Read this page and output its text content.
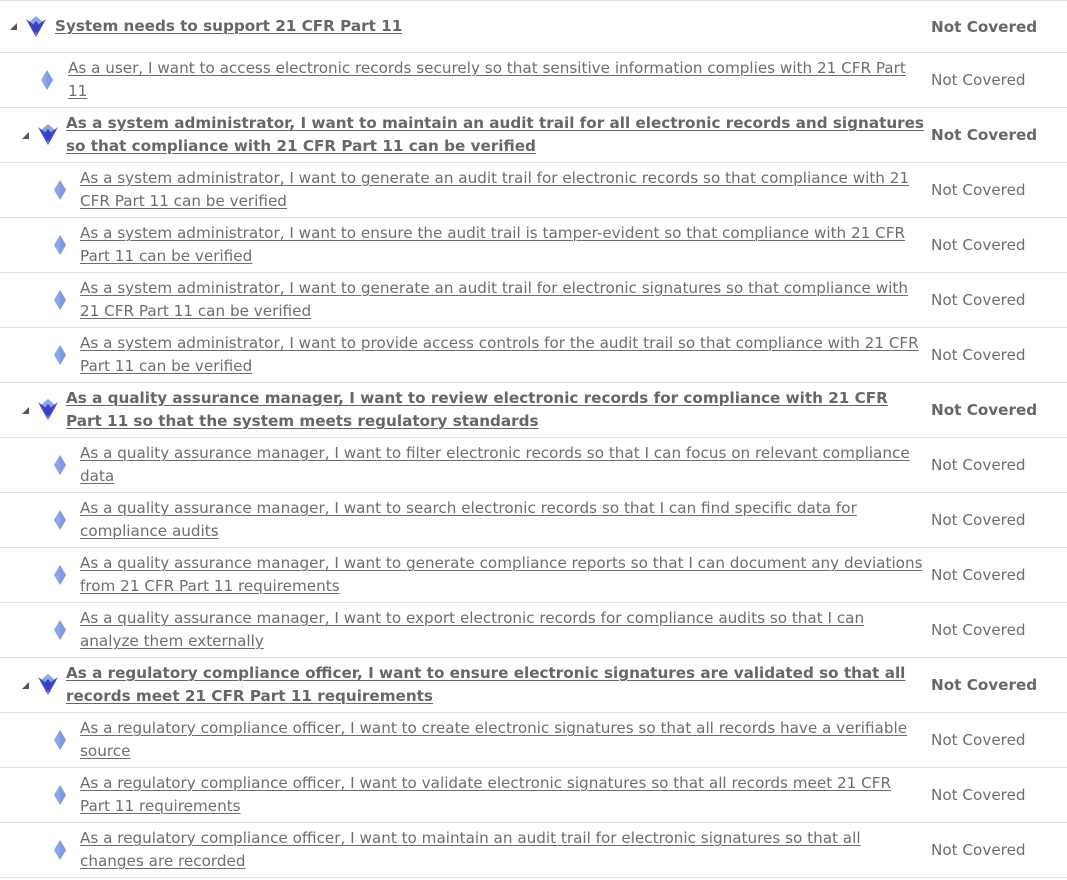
System needs to support 21 CFR Part 11	Not Covered
As a user, I want to access electronic records securely so that sensitive information complies with 21 CFR Part 11
Not Covered
As a system administrator, I want to maintain an audit trail for all electronic records and signatures so that compliance with 21 CFR Part 11 can be verified
Not Covered
As a system administrator, I want to generate an audit trail for electronic records so that compliance with 21 CFR Part 11 can be verified
Not Covered
As a system administrator, I want to ensure the audit trail is tamper-evident so that compliance with 21 CFR Part 11 can be verified
Not Covered
As a system administrator, I want to generate an audit trail for electronic signatures so that compliance with 21 CFR Part 11 can be verified
Not Covered
As a system administrator, I want to provide access controls for the audit trail so that compliance with 21 CFR Part 11 can be verified
Not Covered
As a quality assurance manager, I want to review electronic records for compliance with 21 CFR Part 11 so that the system meets regulatory standards
Not Covered
As a quality assurance manager, I want to filter electronic records so that I can focus on relevant compliance data
Not Covered
As a quality assurance manager, I want to search electronic records so that I can find specific data for compliance audits
Not Covered
As a quality assurance manager, I want to generate compliance reports so that I can document any deviations from 21 CFR Part 11 requirements
Not Covered
As a quality assurance manager, I want to export electronic records for compliance audits so that I can analyze them externally
Not Covered
As a regulatory compliance officer, I want to ensure electronic signatures are validated so that all records meet 21 CFR Part 11 requirements
Not Covered
As a regulatory compliance officer, I want to create electronic signatures so that all records have a verifiable source
Not Covered
As a regulatory compliance officer, I want to validate electronic signatures so that all records meet 21 CFR Part 11 requirements
Not Covered
As a regulatory compliance officer, I want to maintain an audit trail for electronic signatures so that all changes are recorded
Not Covered
